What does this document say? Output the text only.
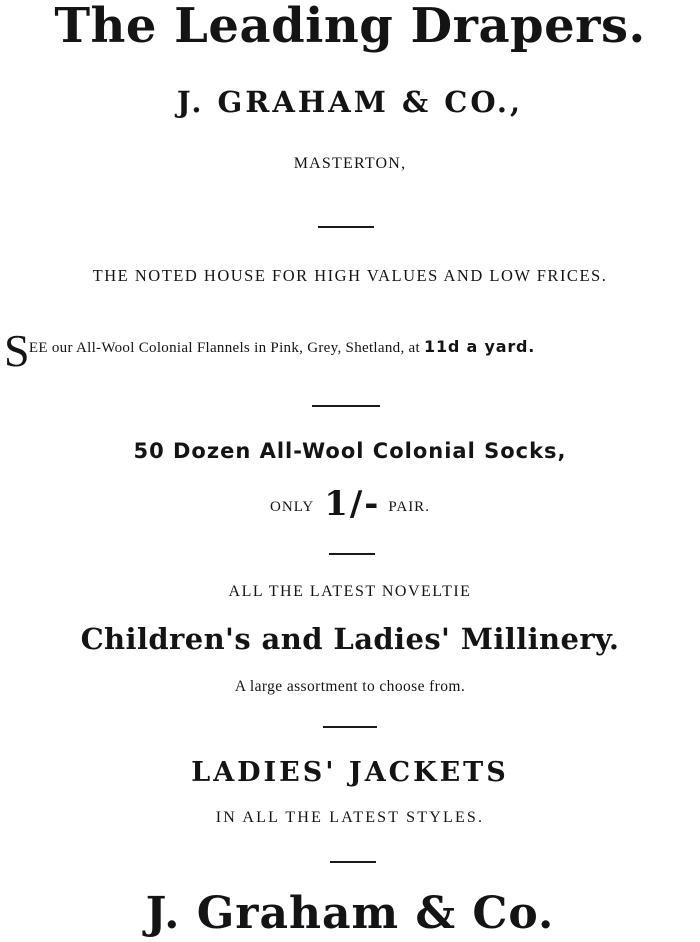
The Leading Drapers.
J. GRAHAM & CO.,
MASTERTON,
THE NOTED HOUSE FOR HIGH VALUES AND LOW FRICES.
SEE our All-Wool Colonial Flannels in Pink, Grey, Shetland, at 11d a yard.
50 Dozen All-Wool Colonial Socks,
ONLY 1/- PAIR.
ALL THE LATEST NOVELTIE
Children's and Ladies' Millinery.
A large assortment to choose from.
LADIES' JACKETS
IN ALL THE LATEST STYLES.
J. Graham & Co.
